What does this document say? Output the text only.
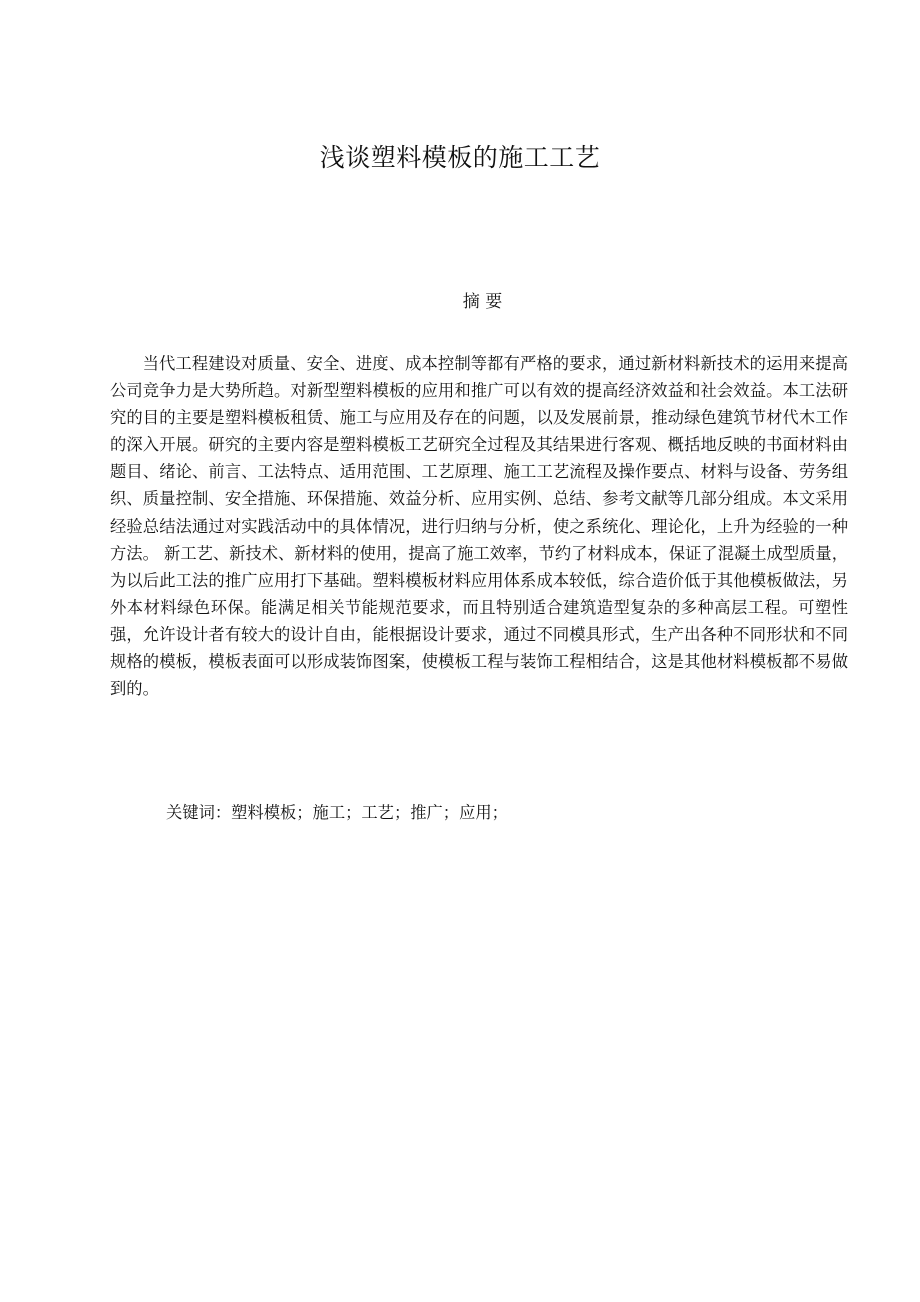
浅谈塑料模板的施工工艺
摘 要

当代工程建设对质量、安全、进度、成本控制等都有严格的要求，通过新材料新技术的运用来提高公司竞争力是大势所趋。对新型塑料模板的应用和推广可以有效的提高经济效益和社会效益。本工法研究的目的主要是塑料模板租赁、施工与应用及存在的问题，以及发展前景，推动绿色建筑节材代木工作的深入开展。研究的主要内容是塑料模板工艺研究全过程及其结果进行客观、概括地反映的书面材料由题目、绪论、前言、工法特点、适用范围、工艺原理、施工工艺流程及操作要点、材料与设备、劳务组织、质量控制、安全措施、环保措施、效益分析、应用实例、总结、参考文献等几部分组成。本文采用经验总结法通过对实践活动中的具体情况，进行归纳与分析，使之系统化、理论化，上升为经验的一种方法。 新工艺、新技术、新材料的使用，提高了施工效率，节约了材料成本，保证了混凝土成型质量，为以后此工法的推广应用打下基础。塑料模板材料应用体系成本较低，综合造价低于其他模板做法，另外本材料绿色环保。能满足相关节能规范要求，而且特别适合建筑造型复杂的多种高层工程。可塑性强，允许设计者有较大的设计自由，能根据设计要求，通过不同模具形式，生产出各种不同形状和不同规格的模板，模板表面可以形成装饰图案，使模板工程与装饰工程相结合，这是其他材料模板都不易做到的。

关键词：塑料模板；施工；工艺；推广；应用；
